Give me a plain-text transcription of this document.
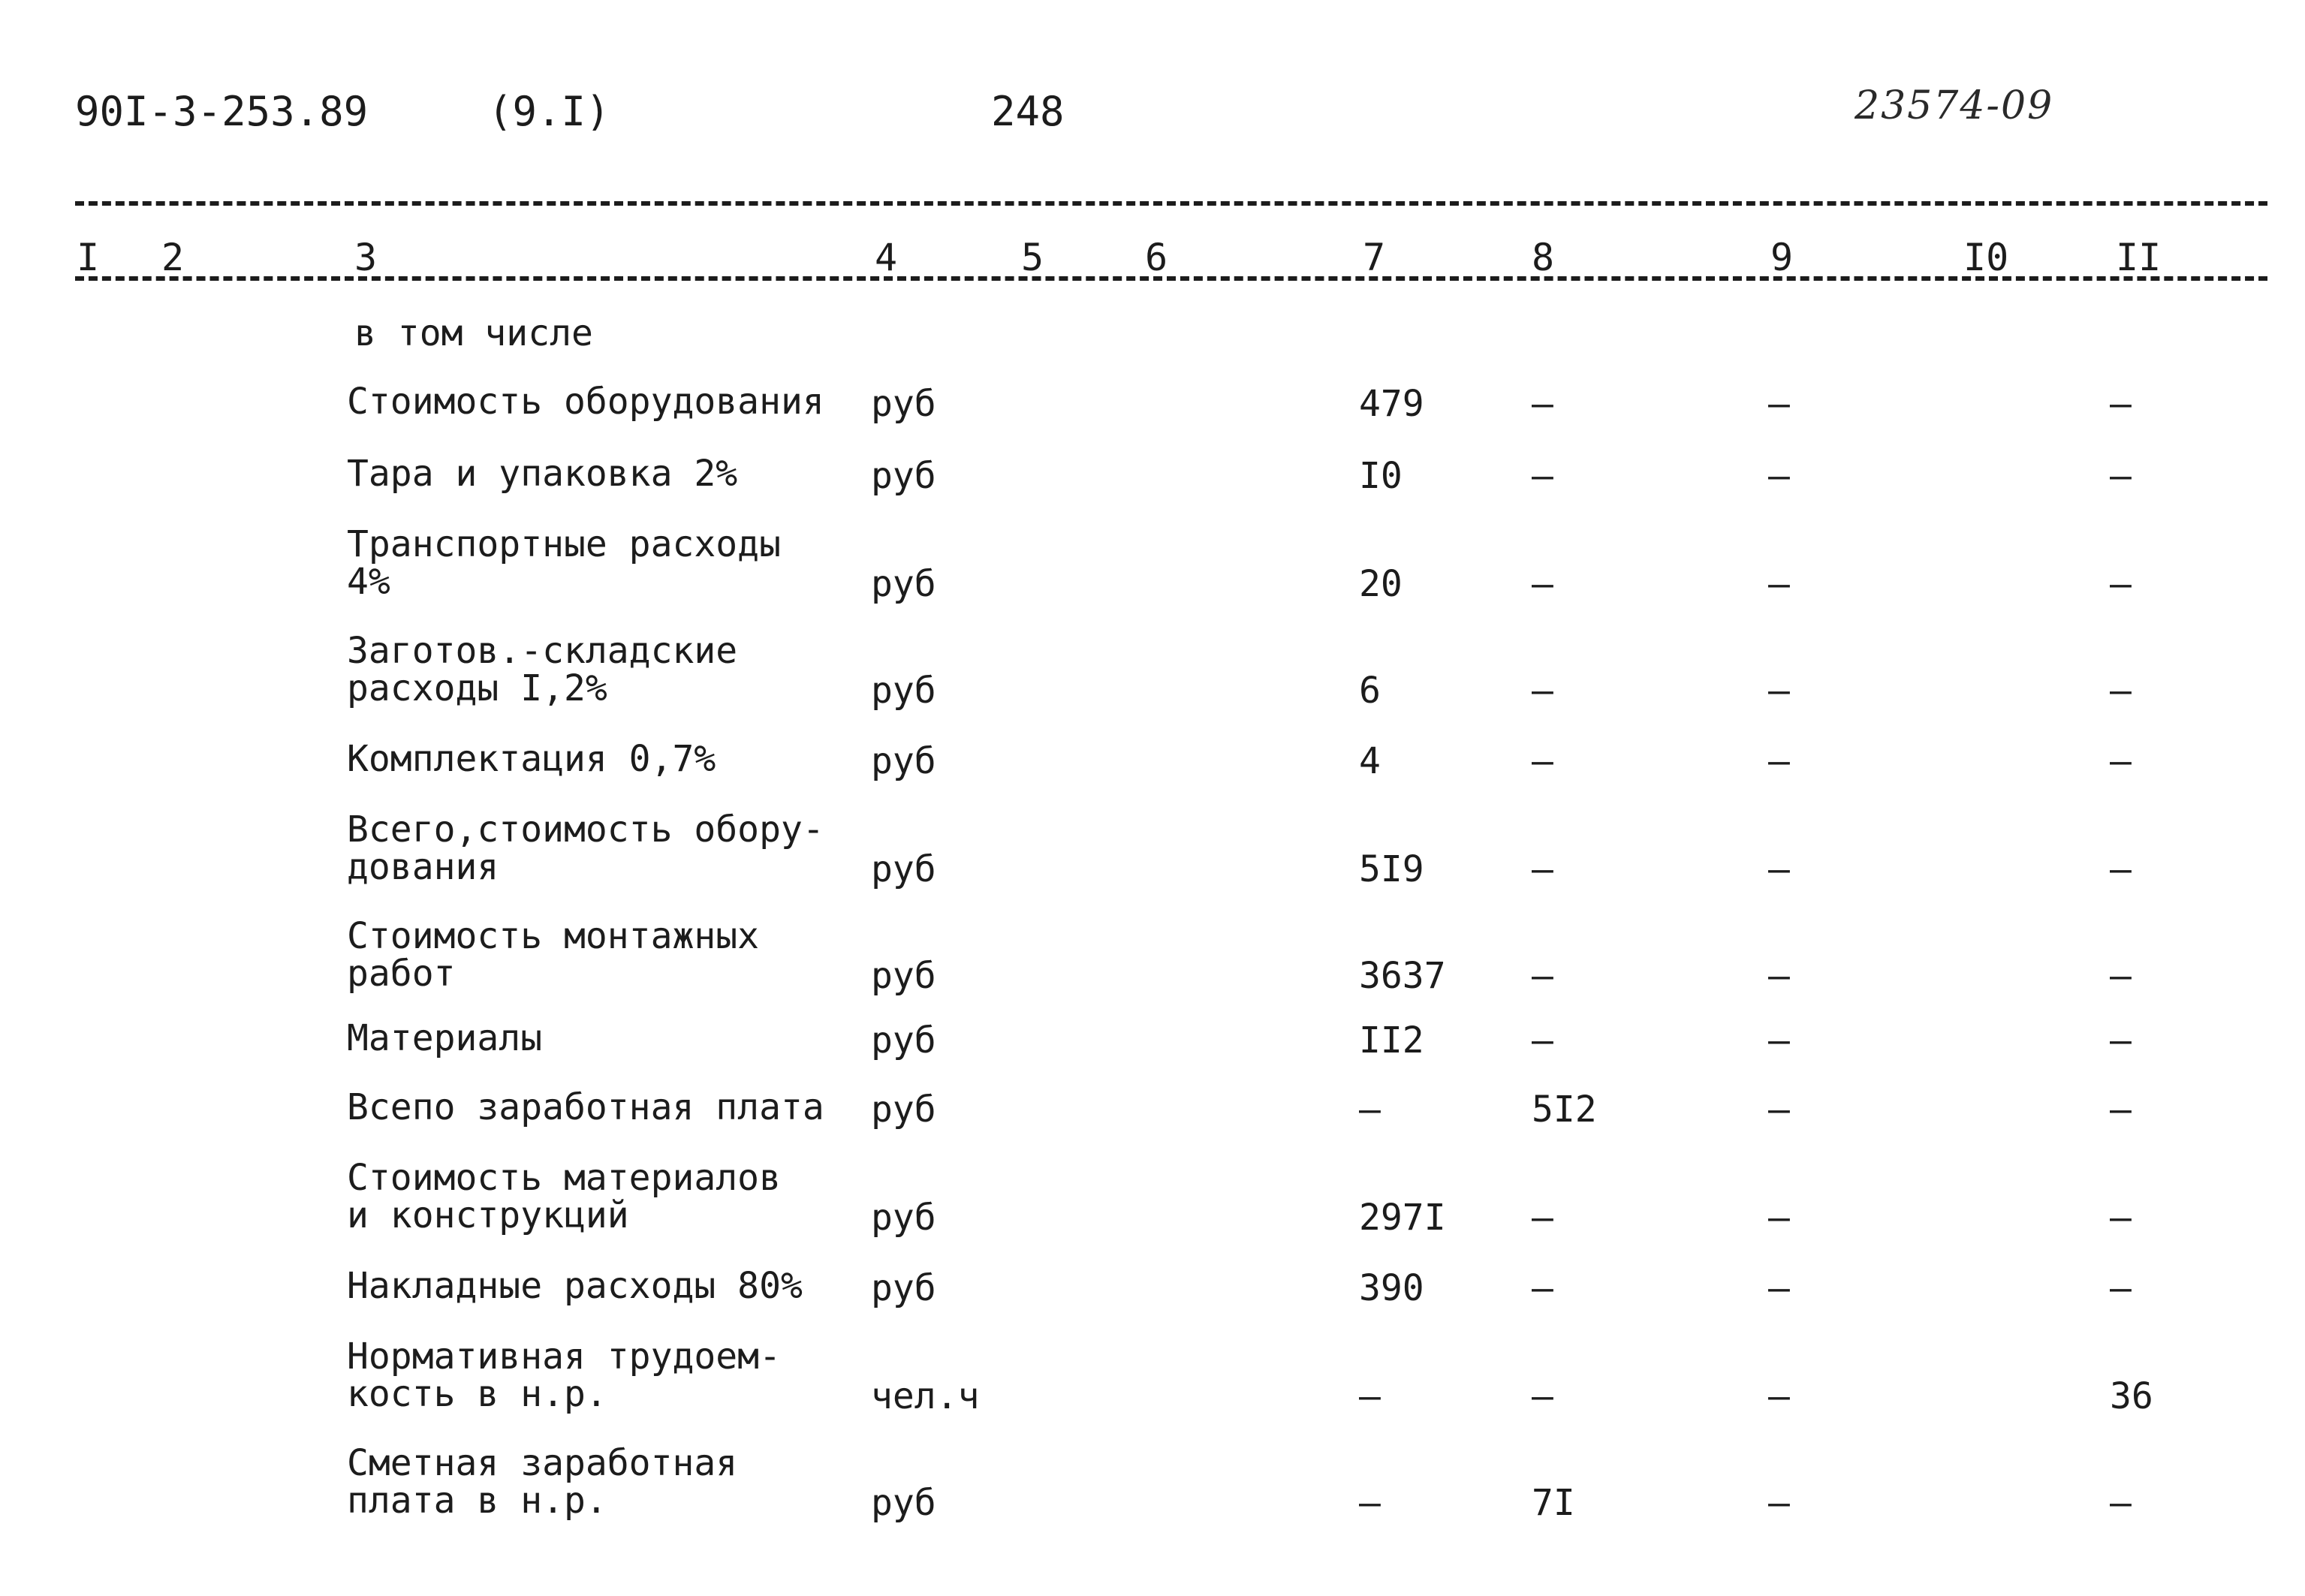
90I-3-253.89	(9.I)	248	23574-09
I 2	3	4	5	6	7	8	9	I0	II
в том числе
Стоимость оборудования руб	479	–	–	–
Тара и упаковка 2%	руб	I0	–	–	–
Транспортные расходы
4%	руб	20	–	–	–
Заготов.-складские
расходы I,2%	руб	6	–	–	–
Комплектация 0,7%	руб	4	–	–	–
Всего,стоимость обору-
дования	руб	5I9	–	–	–
Стоимость монтажных
работ	руб	3637 –	–	–
Материалы	руб	II2	–	–	–
Всепо заработная плата руб	–	5I2	–	–
Стоимость материалов
и конструкций	руб	297I –	–	–
Накладные расходы 80% руб	390	–	–	–
Нормативная трудоем-
кость в н.р.	чел.ч	–	–	–	36
Сметная заработная
плата в н.р.	руб	–	7I	–	–
